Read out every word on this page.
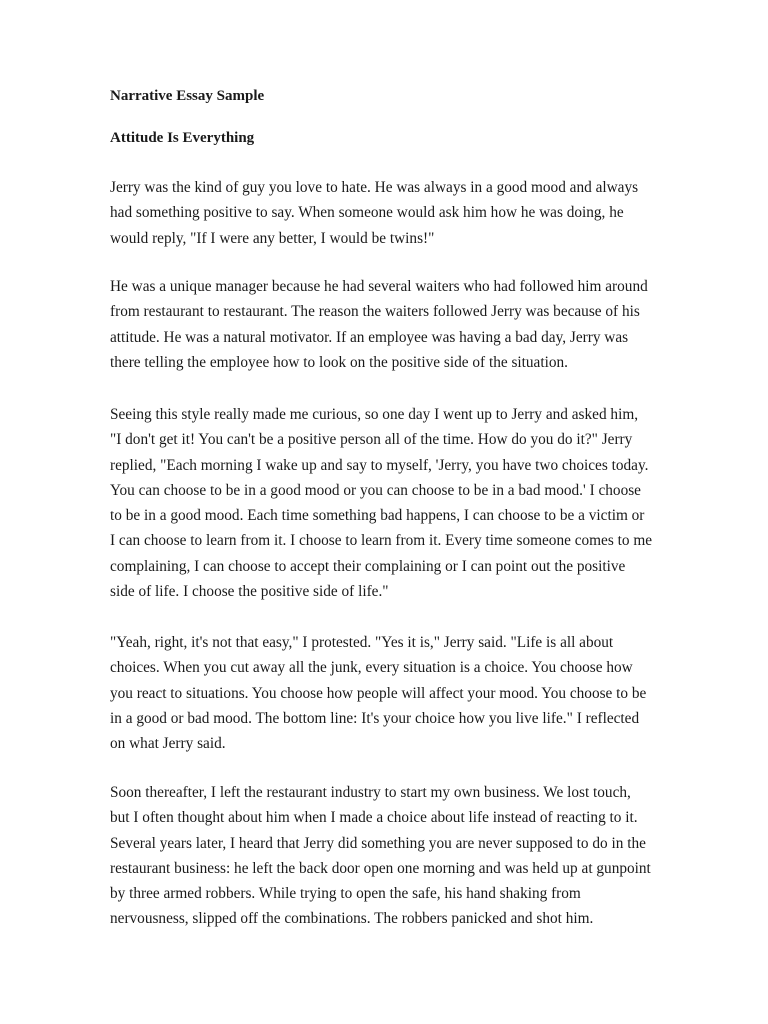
Narrative Essay Sample
Attitude Is Everything

Jerry was the kind of guy you love to hate. He was always in a good mood and always
had something positive to say. When someone would ask him how he was doing, he
would reply, "If I were any better, I would be twins!"

He was a unique manager because he had several waiters who had followed him around
from restaurant to restaurant. The reason the waiters followed Jerry was because of his
attitude. He was a natural motivator. If an employee was having a bad day, Jerry was
there telling the employee how to look on the positive side of the situation.

Seeing this style really made me curious, so one day I went up to Jerry and asked him,
"I don't get it! You can't be a positive person all of the time. How do you do it?" Jerry
replied, "Each morning I wake up and say to myself, 'Jerry, you have two choices today.
You can choose to be in a good mood or you can choose to be in a bad mood.' I choose
to be in a good mood. Each time something bad happens, I can choose to be a victim or
I can choose to learn from it. I choose to learn from it. Every time someone comes to me
complaining, I can choose to accept their complaining or I can point out the positive
side of life. I choose the positive side of life."

"Yeah, right, it's not that easy," I protested. "Yes it is," Jerry said. "Life is all about
choices. When you cut away all the junk, every situation is a choice. You choose how
you react to situations. You choose how people will affect your mood. You choose to be
in a good or bad mood. The bottom line: It's your choice how you live life." I reflected
on what Jerry said.

Soon thereafter, I left the restaurant industry to start my own business. We lost touch,
but I often thought about him when I made a choice about life instead of reacting to it.
Several years later, I heard that Jerry did something you are never supposed to do in the
restaurant business: he left the back door open one morning and was held up at gunpoint
by three armed robbers. While trying to open the safe, his hand shaking from
nervousness, slipped off the combinations. The robbers panicked and shot him.
